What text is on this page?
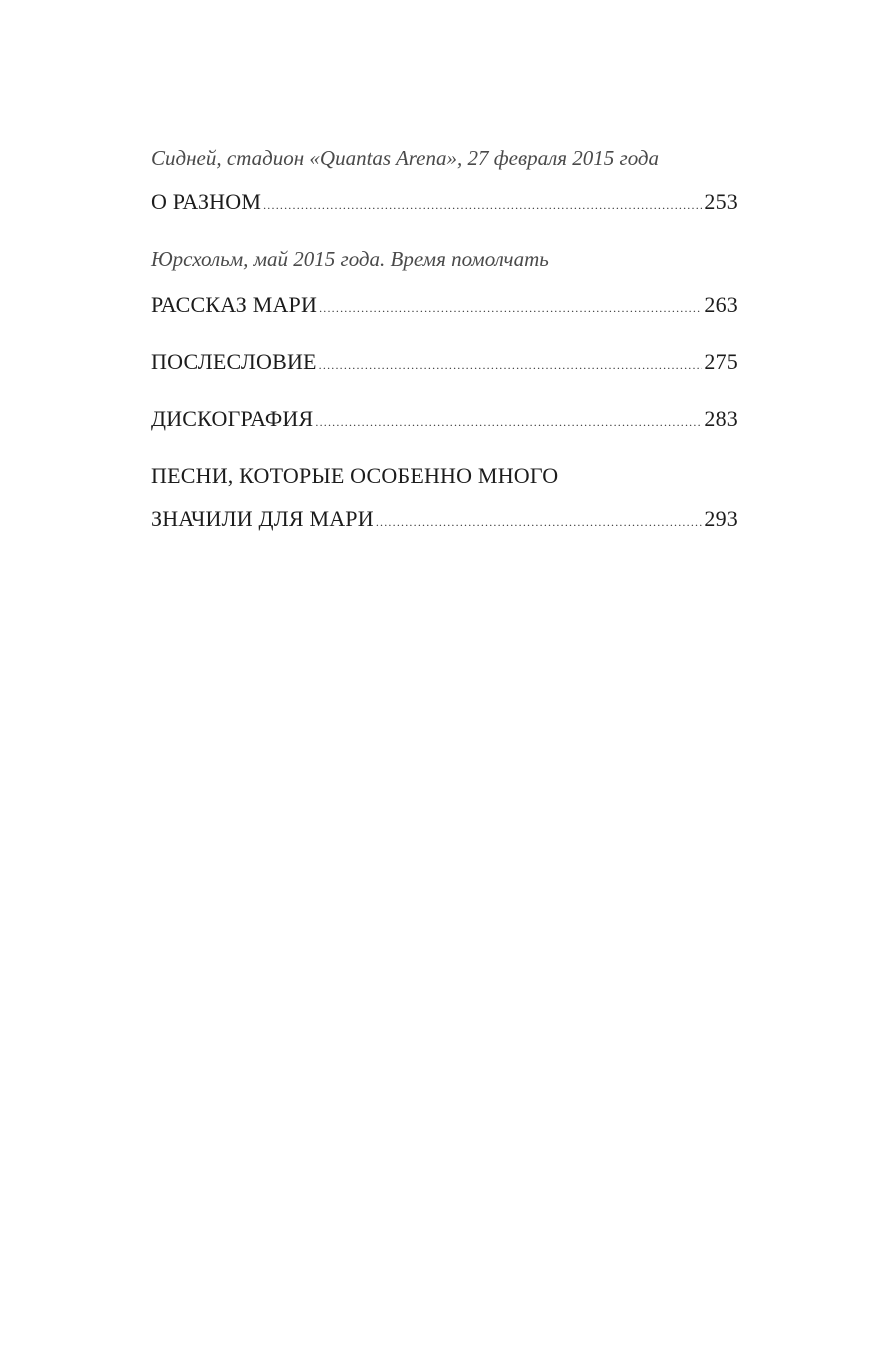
Сидней, стадион «Quantas Arena», 27 февраля 2015 года

О РАЗНОМ .....	253

Юрсхольм, май 2015 года. Время помолчать

РАССКАЗ МАРИ .....	263
ПОСЛЕСЛОВИЕ .....	275
ДИСКОГРАФИЯ .....	283
ПЕСНИ, КОТОРЫЕ ОСОБЕННО МНОГО
ЗНАЧИЛИ ДЛЯ МАРИ .....	293
